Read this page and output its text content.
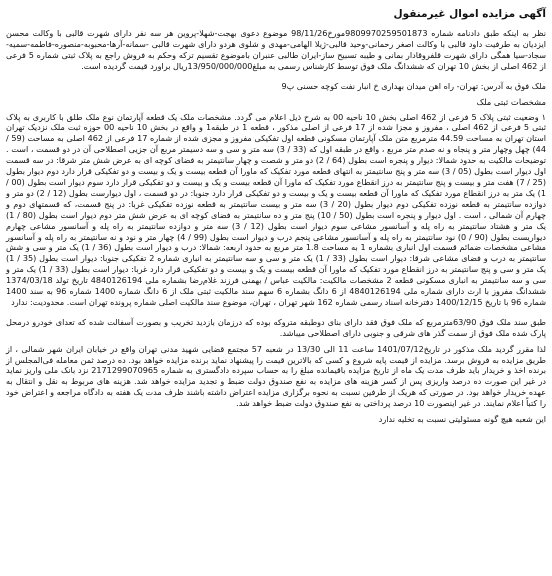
آگهی مزایده اموال غیرمنقول

نظر به اینکه طبق دادنامه شماره 9809970259501873مورخ98/11/26 موضوع دعوی بهجت-شهلا-پروین هر سه نفر دارای شهرت قالبی با وکالت محسن ایزدیان به طرفیت داود قالبی با وکالت اصغر رحمانی-وحید قالبی-ژیلا الهامی-مهدی و شلوی هردو دارای شهرت قالبی -سمانه-آرها-محبوبه-منصوره-فاطمه-سمیه-سجاد-سیا همگی دارای شهرت قلفروقادار بمانی و طیبه تسبیح ساز-ایران طالبی عنبران باموضوع تقسیم ترکه وحکم به فروش راجع به پلاک ثبتی شماره 5 فرعی از 462 اصلی از بخش 10 تهران که ششدانگ ملک فوق توسط کارشناس رسمی به مبلغ13/950/000/000ریال براورد قیمت گردیده است.

ملک فوق به آدرس: تهران- راه اهن میدان بهداری خ انبار نفت کوچه حسنی پ9

مشخصات ثبتی ملک

۱ وضعیت ثبتی پلاک 5 فرعی از 462 اصلی بخش 10 ناحیه 00 به شرح ذیل اعلام می گردد. مشخصات ملک یک قطعه آپارتمان نوع ملک طلق با کاربری به پلاک ثبتی 5 فرعی از 462 اصلی ، مفروز و مجزا شده از 17 فرعی از اصلی مذکور ، قطعه 1 در طبقه1 و واقع در بخش 10 ناحیه 00 حوزه ثبت ملک نزدیک تهران استان تهران به مساحت 44.59 مترمربع متن ملک آپارتمان مسکونی قطعه اول تفکیکی مفروز و مجزی شده از شماره 17 فرعی از 462 اصلی به مساحت (59 / 44) چهل وچهار متر و پنجاه و نه صدم متر مربع ، واقع در طبقه اول که (33 / 3) سه متر و سی و سه دسیمتر مربع آن جزیی اصطلاحی آن در دو قسمت ، است . توضیحات مالکیت به حدود شمالا: دیوار و پنجره است بطول (64 / 2) دو متر و شصت و چهار سانتیمتر به فضای کوچه ای به عرض شش متر شرقا: در سه قسمت اول دیوار است بطول (05 / 3) سه متر و پنج سانتیمتر به انتهای قطعه مورد تفکیک که ماورا آن قطعه بیست و یک و بیست و دو تفکیکی قرار دارد دوم دیوار بطول (25 / 7) هفت متر و بیست و پنج سانتیمتر به درز انقطاع مورد تفکیک که ماورا آن قطعه بیست و یک و بیست و دو تفکیکی قرار دارد سوم دیوار است بطول (00 / 1) یک متر به درز انقطاع مورد تفکیک که ماورا آن قطعه بیست و یک و بیست و دو تفکیکی قرار دارد جنوبا: در دو قسمت ، اول دیوارست بطول (12 / 2) دو متر و دوازده سانتیمتر به قطعه نوزده تفکیکی دوم دیوار بطول (20 / 3) سه متر و بیست سانتیمتر به قطعه نوزده تفکیکی غربا: در پنج قسمت، که قسمتهای دوم و چهارم آن شمالی ، است . اول دیوار و پنجره است بطول (50 / 10) پنج متر و ده سانتیمتر به فضای کوچه ای به عرض شش متر دوم دیوار است بطول (80 / 1) یک متر و هشتاد سانتیمتر به راه پله و آسانسور مشاعی سوم دیوار است بطول (12 / 3) سه متر و دوازده سانتیمتر به راه پله و آسانسور مشاعی چهارم دیواریست بطول (90 / 0) نود سانتیمتر به راه پله و آسانسور مشاعی پنجم درب و دیوار است بطول (99 / 4) چهار متر و نود و نه سانتیمتر به راه پله و آسانسور مشاعی مشخصات ضمائم قسمت اول انباری بشماره 1 به مساحت 1.8 متر مربع به حدود اربعه: شمالا: درب و دیوار است بطول (36 / 1) یک متر و سی و شش سانتیمتر به درب و فضای مشاعی شرقا: دیوار است بطول (33 / 1) یک متر و سی و سه سانتیمتر به انباری شماره 2 تفکیکی جنوبا: دیوار است بطول (35 / 1) یک متر و سی و پنج سانتیمتر به درز انقطاع مورد تفکیک که ماورا آن قطعه بیست و یک و بیست و دو تفکیکی قرار دارد غربا: دیوار است بطول (33 / 1) یک متر و سی و سه سانتیمتر به انباری مسکونی قطعه 2 مشخصات مالکیت: مالکیت عباس / بهمنی فرزند غلام‌رضا بشماره ملی 4840126194 تاریخ تولد 1374/03/18 ششدانگ مفروز با ارث دارای شماره ملی 4840126194 از 6 دانگ بشماره 6 سهم سند مالکیت ثبتی ملک از 6 دانگ شماره 1400 شماره 96 به سند 1400 شماره 96 با تاریخ 1400/12/15 دفترخانه اسناد رسمی شماره 162 شهر تهران ، تهران، موضوع سند مالکیت اصلی شماره پرونده تهران است. محدودیت: ندارد

طبق سند ملک فوق 63/90مترمربع که ملک فوق فقد دارای بنای دوطبقه متروکه بوده که درزمان بازدید تخریب و بصورت آسفالت شده که تعدای خودرو درمحل پارک شده ملک فوق از سمت گذر های شرقی و جنوبی دارای اصطلاحی میباشد.

لذا مقرر گردید ملک مذکور در تاریخ1401/07/12 ساعت 11 الی 13/30 در شعبه 57 مجتمع قضایی شهید مدنی تهران واقع در خیابان ایران شهر شمالی ، از طریق مزایده به فروش برسد. مزایده از قیمت پایه شروع و کسی که بالاترین قیمت را پیشنهاد نماید برنده مزایده خواهد بود. ده درصد ثمن معامله فی‌المجلس از برنده اخذ و خریدار باید ظرف مدت یک ماه از تاریخ مزایده باقیمانده مبلغ را به حساب سپرده دادگستری به شماره 2171299070965 نزد بانک ملی واریز نماید در غیر این صورت ده درصد واریزی پس از کسر هزینه های مزایده به نفع صندوق دولت ضبط و تجدید مزایده خواهد شد. هزینه های مربوط به نقل و انتقال به عهده خریدار خواهد بود. در صورتی که هریک از طرفین نسبت به نحوه برگزاری مزایده اعتراض داشته باشند ظرف مدت یک هفته به دادگاه مراجعه و اعتراض خود را کتباً اعلام نمایند. در غیر اینصورت 10 درصد پرداختی به نفع صندوق دولت ضبط خواهد شد.

این شعبه هیچ گونه مسئولیتی نسبت به تخلیه ندارد
